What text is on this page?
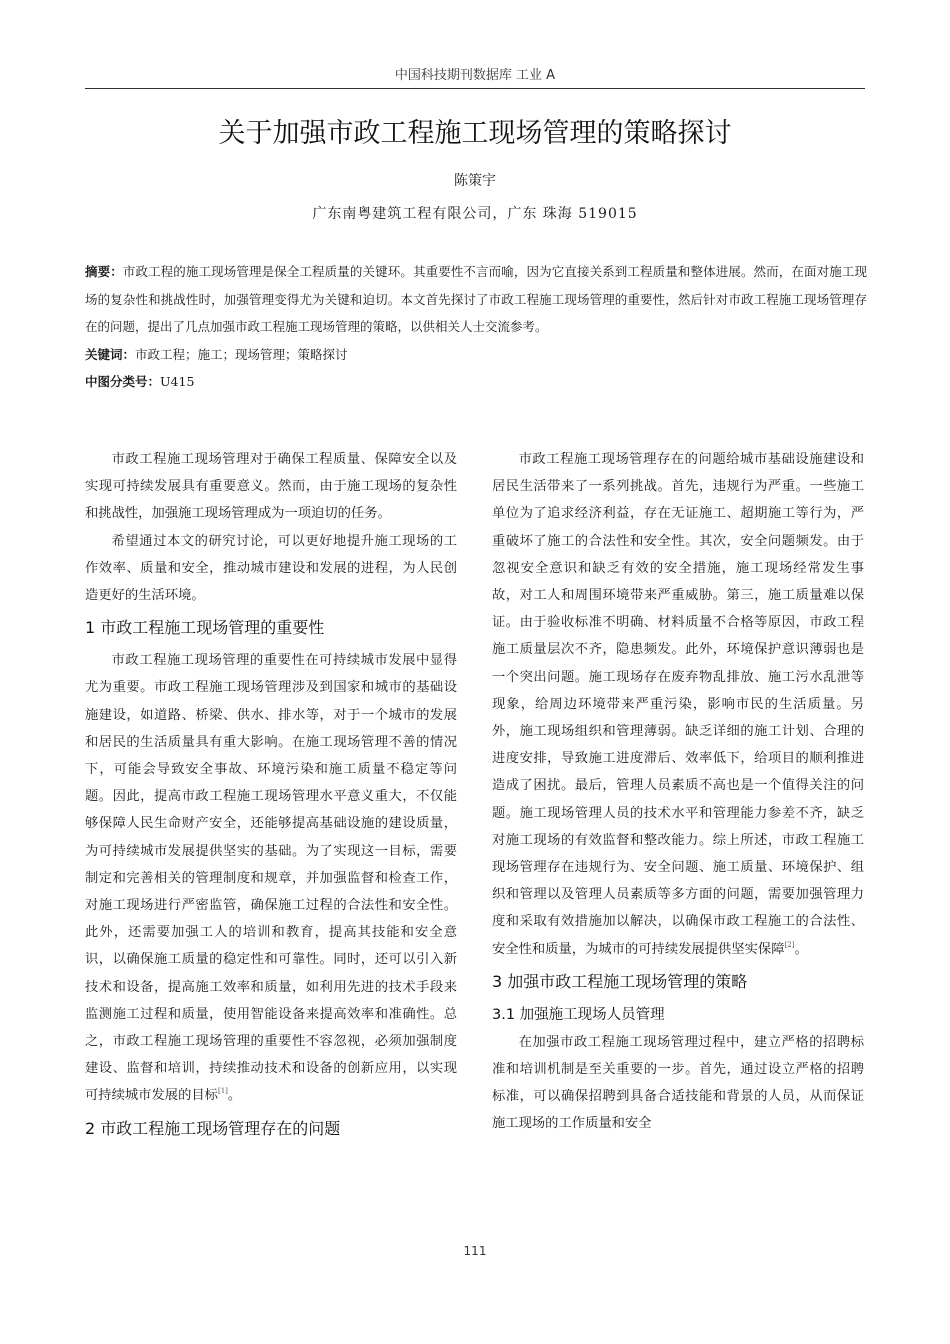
中国科技期刊数据库 工业 A
关于加强市政工程施工现场管理的策略探讨
陈策宇
广东南粤建筑工程有限公司，广东 珠海 519015

摘要：市政工程的施工现场管理是保全工程质量的关键环。其重要性不言而喻，因为它直接关系到工程质量和整体进展。然而，在面对施工现场的复杂性和挑战性时，加强管理变得尤为关键和迫切。本文首先探讨了市政工程施工现场管理的重要性，然后针对市政工程施工现场管理存在的问题，提出了几点加强市政工程施工现场管理的策略，以供相关人士交流参考。

关键词：市政工程；施工；现场管理；策略探讨

中图分类号：U415

市政工程施工现场管理对于确保工程质量、保障安全以及实现可持续发展具有重要意义。然而，由于施工现场的复杂性和挑战性，加强施工现场管理成为一项迫切的任务。

希望通过本文的研究讨论，可以更好地提升施工现场的工作效率、质量和安全，推动城市建设和发展的进程，为人民创造更好的生活环境。

1 市政工程施工现场管理的重要性

市政工程施工现场管理的重要性在可持续城市发展中显得尤为重要。市政工程施工现场管理涉及到国家和城市的基础设施建设，如道路、桥梁、供水、排水等，对于一个城市的发展和居民的生活质量具有重大影响。在施工现场管理不善的情况下，可能会导致安全事故、环境污染和施工质量不稳定等问题。因此，提高市政工程施工现场管理水平意义重大，不仅能够保障人民生命财产安全，还能够提高基础设施的建设质量，为可持续城市发展提供坚实的基础。为了实现这一目标，需要制定和完善相关的管理制度和规章，并加强监督和检查工作，对施工现场进行严密监管，确保施工过程的合法性和安全性。此外，还需要加强工人的培训和教育，提高其技能和安全意识，以确保施工质量的稳定性和可靠性。同时，还可以引入新技术和设备，提高施工效率和质量，如利用先进的技术手段来监测施工过程和质量，使用智能设备来提高效率和准确性。总之，市政工程施工现场管理的重要性不容忽视，必须加强制度建设、监督和培训，持续推动技术和设备的创新应用，以实现可持续城市发展的目标[1]。

2 市政工程施工现场管理存在的问题

市政工程施工现场管理存在的问题给城市基础设施建设和居民生活带来了一系列挑战。首先，违规行为严重。一些施工单位为了追求经济利益，存在无证施工、超期施工等行为，严重破坏了施工的合法性和安全性。其次，安全问题频发。由于忽视安全意识和缺乏有效的安全措施，施工现场经常发生事故，对工人和周围环境带来严重威胁。第三，施工质量难以保证。由于验收标准不明确、材料质量不合格等原因，市政工程施工质量层次不齐，隐患频发。此外，环境保护意识薄弱也是一个突出问题。施工现场存在废弃物乱排放、施工污水乱泄等现象，给周边环境带来严重污染，影响市民的生活质量。另外，施工现场组织和管理薄弱。缺乏详细的施工计划、合理的进度安排，导致施工进度滞后、效率低下，给项目的顺利推进造成了困扰。最后，管理人员素质不高也是一个值得关注的问题。施工现场管理人员的技术水平和管理能力参差不齐，缺乏对施工现场的有效监督和整改能力。综上所述，市政工程施工现场管理存在违规行为、安全问题、施工质量、环境保护、组织和管理以及管理人员素质等多方面的问题，需要加强管理力度和采取有效措施加以解决，以确保市政工程施工的合法性、安全性和质量，为城市的可持续发展提供坚实保障[2]。

3 加强市政工程施工现场管理的策略
3.1 加强施工现场人员管理

在加强市政工程施工现场管理过程中，建立严格的招聘标准和培训机制是至关重要的一步。首先，通过设立严格的招聘标准，可以确保招聘到具备合适技能和背景的人员，从而保证施工现场的工作质量和安全

111
